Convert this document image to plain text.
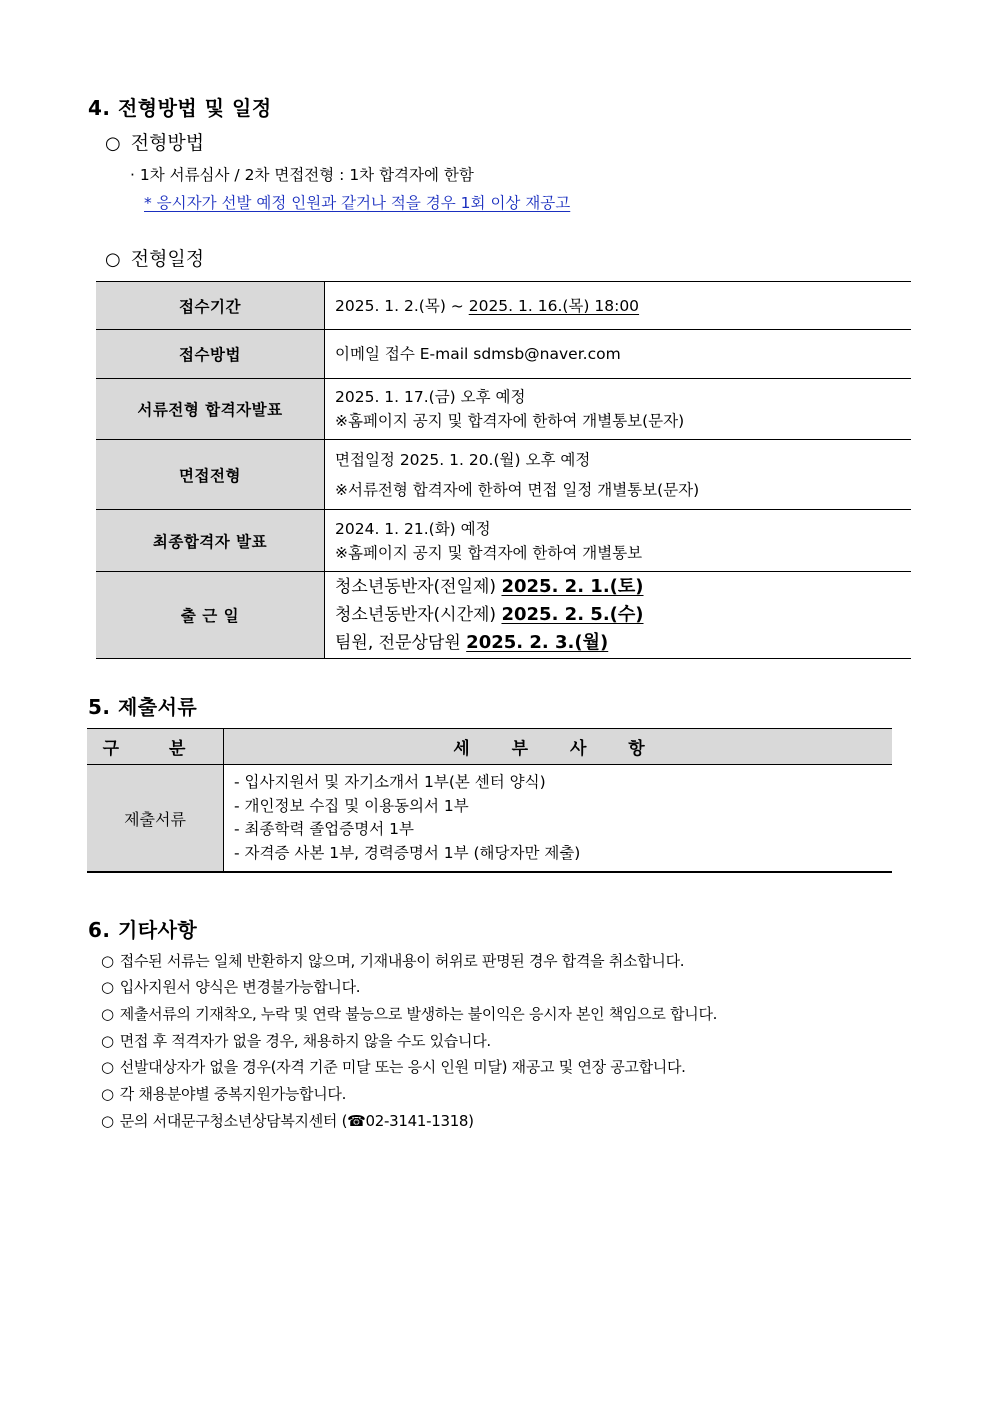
4. 전형방법 및 일정
○ 전형방법
· 1차 서류심사 / 2차 면접전형 : 1차 합격자에 한함
* 응시자가 선발 예정 인원과 같거나 적을 경우 1회 이상 재공고
○ 전형일정
접수기간	2025. 1. 2.(목) ~ 2025. 1. 16.(목) 18:00
접수방법	이메일 접수 E-mail sdmsb@naver.com
서류전형 합격자발표	2025. 1. 17.(금) 오후 예정
※홈페이지 공지 및 합격자에 한하여 개별통보(문자)

면접전형	면접일정 2025. 1. 20.(월) 오후 예정
※서류전형 합격자에 한하여 면접 일정 개별통보(문자)

최종합격자 발표	2024. 1. 21.(화) 예정
※홈페이지 공지 및 합격자에 한하여 개별통보

출 근 일	청소년동반자(전일제) 2025. 2. 1.(토)
청소년동반자(시간제) 2025. 2. 5.(수)
팀원, 전문상담원 2025. 2. 3.(월)
5. 제출서류
구 분	세 부 사 항
제출서류	- 입사지원서 및 자기소개서 1부(본 센터 양식)
- 개인정보 수집 및 이용동의서 1부
- 최종학력 졸업증명서 1부
- 자격증 사본 1부, 경력증명서 1부 (해당자만 제출)
6. 기타사항
○ 접수된 서류는 일체 반환하지 않으며, 기재내용이 허위로 판명된 경우 합격을 취소합니다.
○ 입사지원서 양식은 변경불가능합니다.
○ 제출서류의 기재착오, 누락 및 연락 불능으로 발생하는 불이익은 응시자 본인 책임으로 합니다.
○ 면접 후 적격자가 없을 경우, 채용하지 않을 수도 있습니다.
○ 선발대상자가 없을 경우(자격 기준 미달 또는 응시 인원 미달) 재공고 및 연장 공고합니다.
○ 각 채용분야별 중복지원가능합니다.
○ 문의 서대문구청소년상담복지센터 (☎02-3141-1318)
